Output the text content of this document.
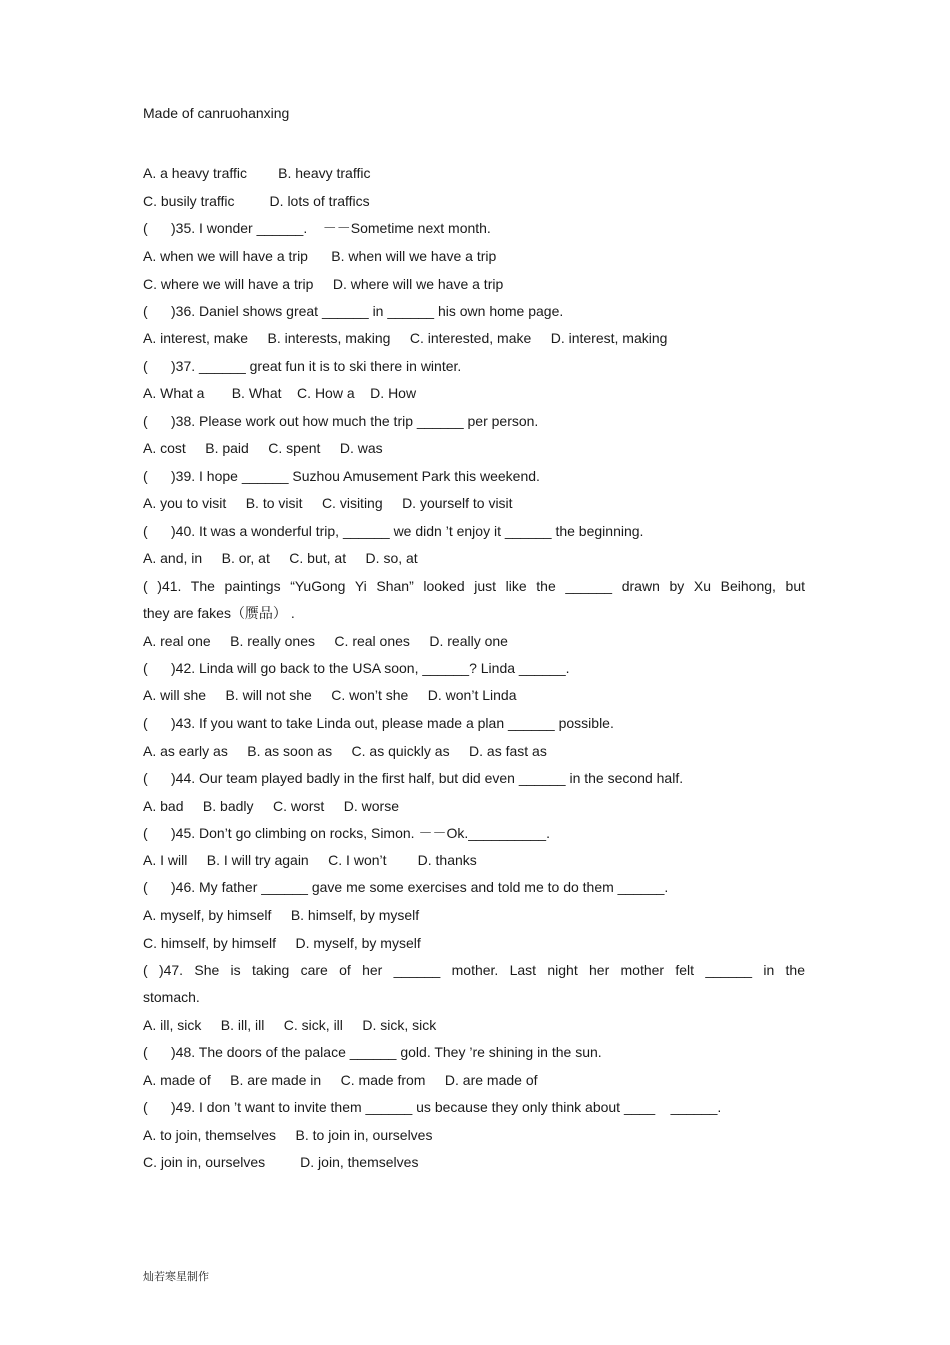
Made of canruohanxing
A. a heavy traffic        B. heavy traffic
C. busily traffic         D. lots of traffics
(      )35. I wonder ______.    －－Sometime next month.
A. when we will have a trip      B. when will we have a trip
C. where we will have a trip     D. where will we have a trip
(      )36. Daniel shows great ______ in ______ his own home page.
A. interest, make     B. interests, making     C. interested, make     D. interest, making
(      )37. ______ great fun it is to ski there in winter.
A. What a       B. What    C. How a    D. How
(      )38. Please work out how much the trip ______ per person.
A. cost     B. paid     C. spent     D. was
(      )39. I hope ______ Suzhou Amusement Park this weekend.
A. you to visit     B. to visit     C. visiting     D. yourself to visit
(      )40. It was a wonderful trip, ______ we didn ’t enjoy it ______ the beginning.
A. and, in     B. or, at     C. but, at     D. so, at
( )41. The paintings “YuGong Yi Shan” looked just like the ______ drawn by Xu Beihong, but
they are fakes（赝品） .
A. real one     B. really ones     C. real ones     D. really one
(      )42. Linda will go back to the USA soon, ______? Linda ______.
A. will she     B. will not she     C. won’t she     D. won’t Linda
(      )43. If you want to take Linda out, please made a plan ______ possible.
A. as early as     B. as soon as     C. as quickly as     D. as fast as
(      )44. Our team played badly in the first half, but did even ______ in the second half.
A. bad     B. badly     C. worst     D. worse
(      )45. Don’t go climbing on rocks, Simon. －－Ok.__________.
A. I will     B. I will try again     C. I won’t        D. thanks
(      )46. My father ______ gave me some exercises and told me to do them ______.
A. myself, by himself     B. himself, by myself
C. himself, by himself     D. myself, by myself
( )47. She is taking care of her ______ mother. Last night her mother felt ______ in the
stomach.
A. ill, sick     B. ill, ill     C. sick, ill     D. sick, sick
(      )48. The doors of the palace ______ gold. They ’re shining in the sun.
A. made of     B. are made in     C. made from     D. are made of
(      )49. I don ’t want to invite them ______ us because they only think about ____    ______.
A. to join, themselves     B. to join in, ourselves
C. join in, ourselves         D. join, themselves
灿若寒星制作
